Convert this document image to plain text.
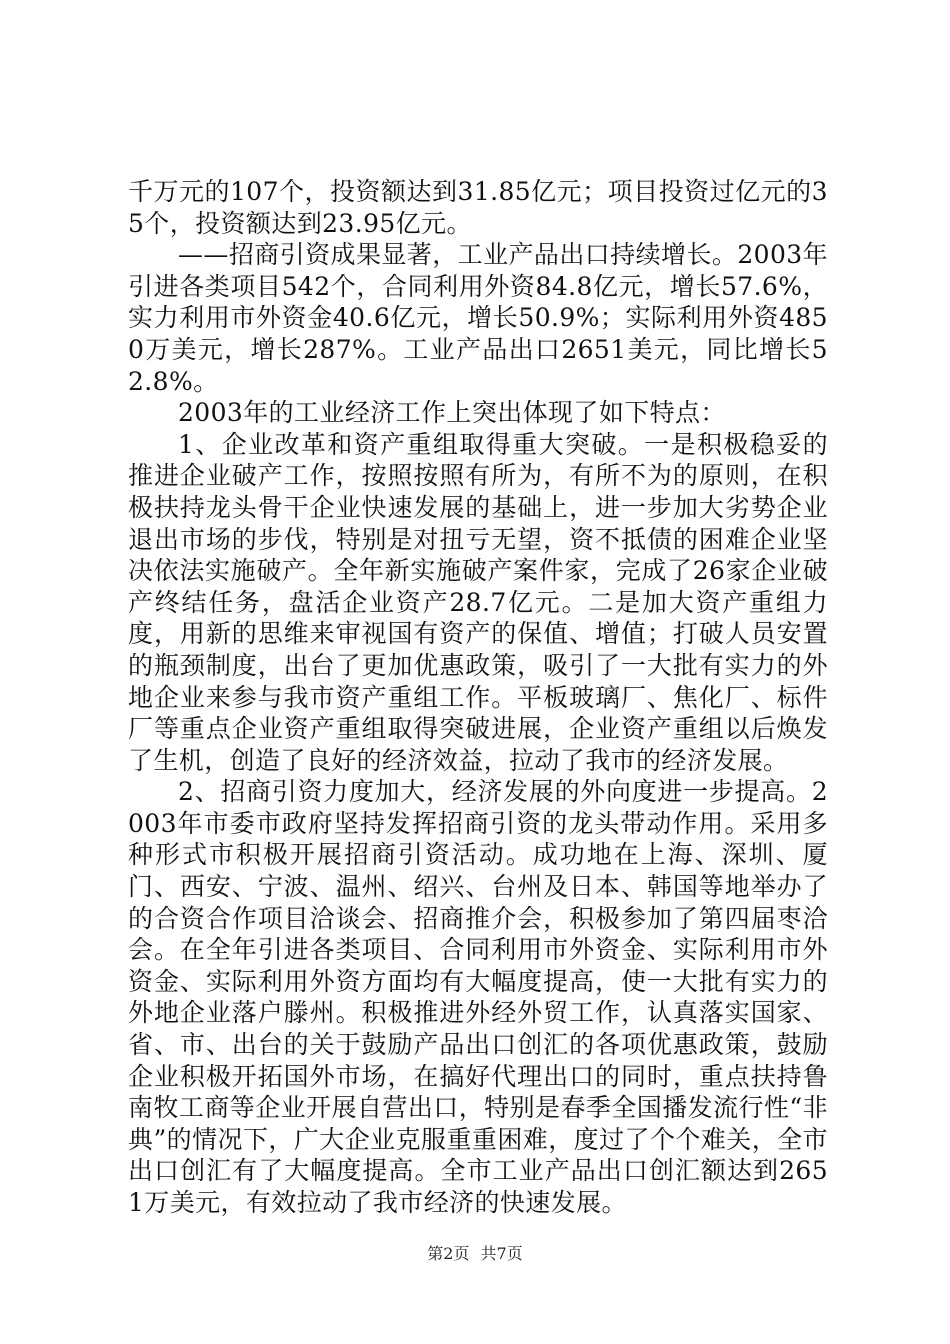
千万元的107个，投资额达到31.85亿元；项目投资过亿元的35个，投资额达到23.95亿元。

——招商引资成果显著，工业产品出口持续增长。2003年引进各类项目542个，合同利用外资84.8亿元，增长57.6%，实力利用市外资金40.6亿元，增长50.9%；实际利用外资4850万美元，增长287%。工业产品出口2651美元，同比增长52.8%。

2003年的工业经济工作上突出体现了如下特点：

1、企业改革和资产重组取得重大突破。一是积极稳妥的推进企业破产工作，按照按照有所为，有所不为的原则，在积极扶持龙头骨干企业快速发展的基础上，进一步加大劣势企业退出市场的步伐，特别是对扭亏无望，资不抵债的困难企业坚决依法实施破产。全年新实施破产案件家，完成了26家企业破产终结任务，盘活企业资产28.7亿元。二是加大资产重组力度，用新的思维来审视国有资产的保值、增值；打破人员安置的瓶颈制度，出台了更加优惠政策，吸引了一大批有实力的外地企业来参与我市资产重组工作。平板玻璃厂、焦化厂、标件厂等重点企业资产重组取得突破进展，企业资产重组以后焕发了生机，创造了良好的经济效益，拉动了我市的经济发展。

2、招商引资力度加大，经济发展的外向度进一步提高。2003年市委市政府坚持发挥招商引资的龙头带动作用。采用多种形式市积极开展招商引资活动。成功地在上海、深圳、厦门、西安、宁波、温州、绍兴、台州及日本、韩国等地举办了的合资合作项目洽谈会、招商推介会，积极参加了第四届枣洽会。在全年引进各类项目、合同利用市外资金、实际利用市外资金、实际利用外资方面均有大幅度提高，使一大批有实力的外地企业落户滕州。积极推进外经外贸工作，认真落实国家、省、市、出台的关于鼓励产品出口创汇的各项优惠政策，鼓励企业积极开拓国外市场，在搞好代理出口的同时，重点扶持鲁南牧工商等企业开展自营出口，特别是春季全国播发流行性“非典”的情况下，广大企业克服重重困难，度过了个个难关，全市出口创汇有了大幅度提高。全市工业产品出口创汇额达到2651万美元，有效拉动了我市经济的快速发展。

第2页 共7页
